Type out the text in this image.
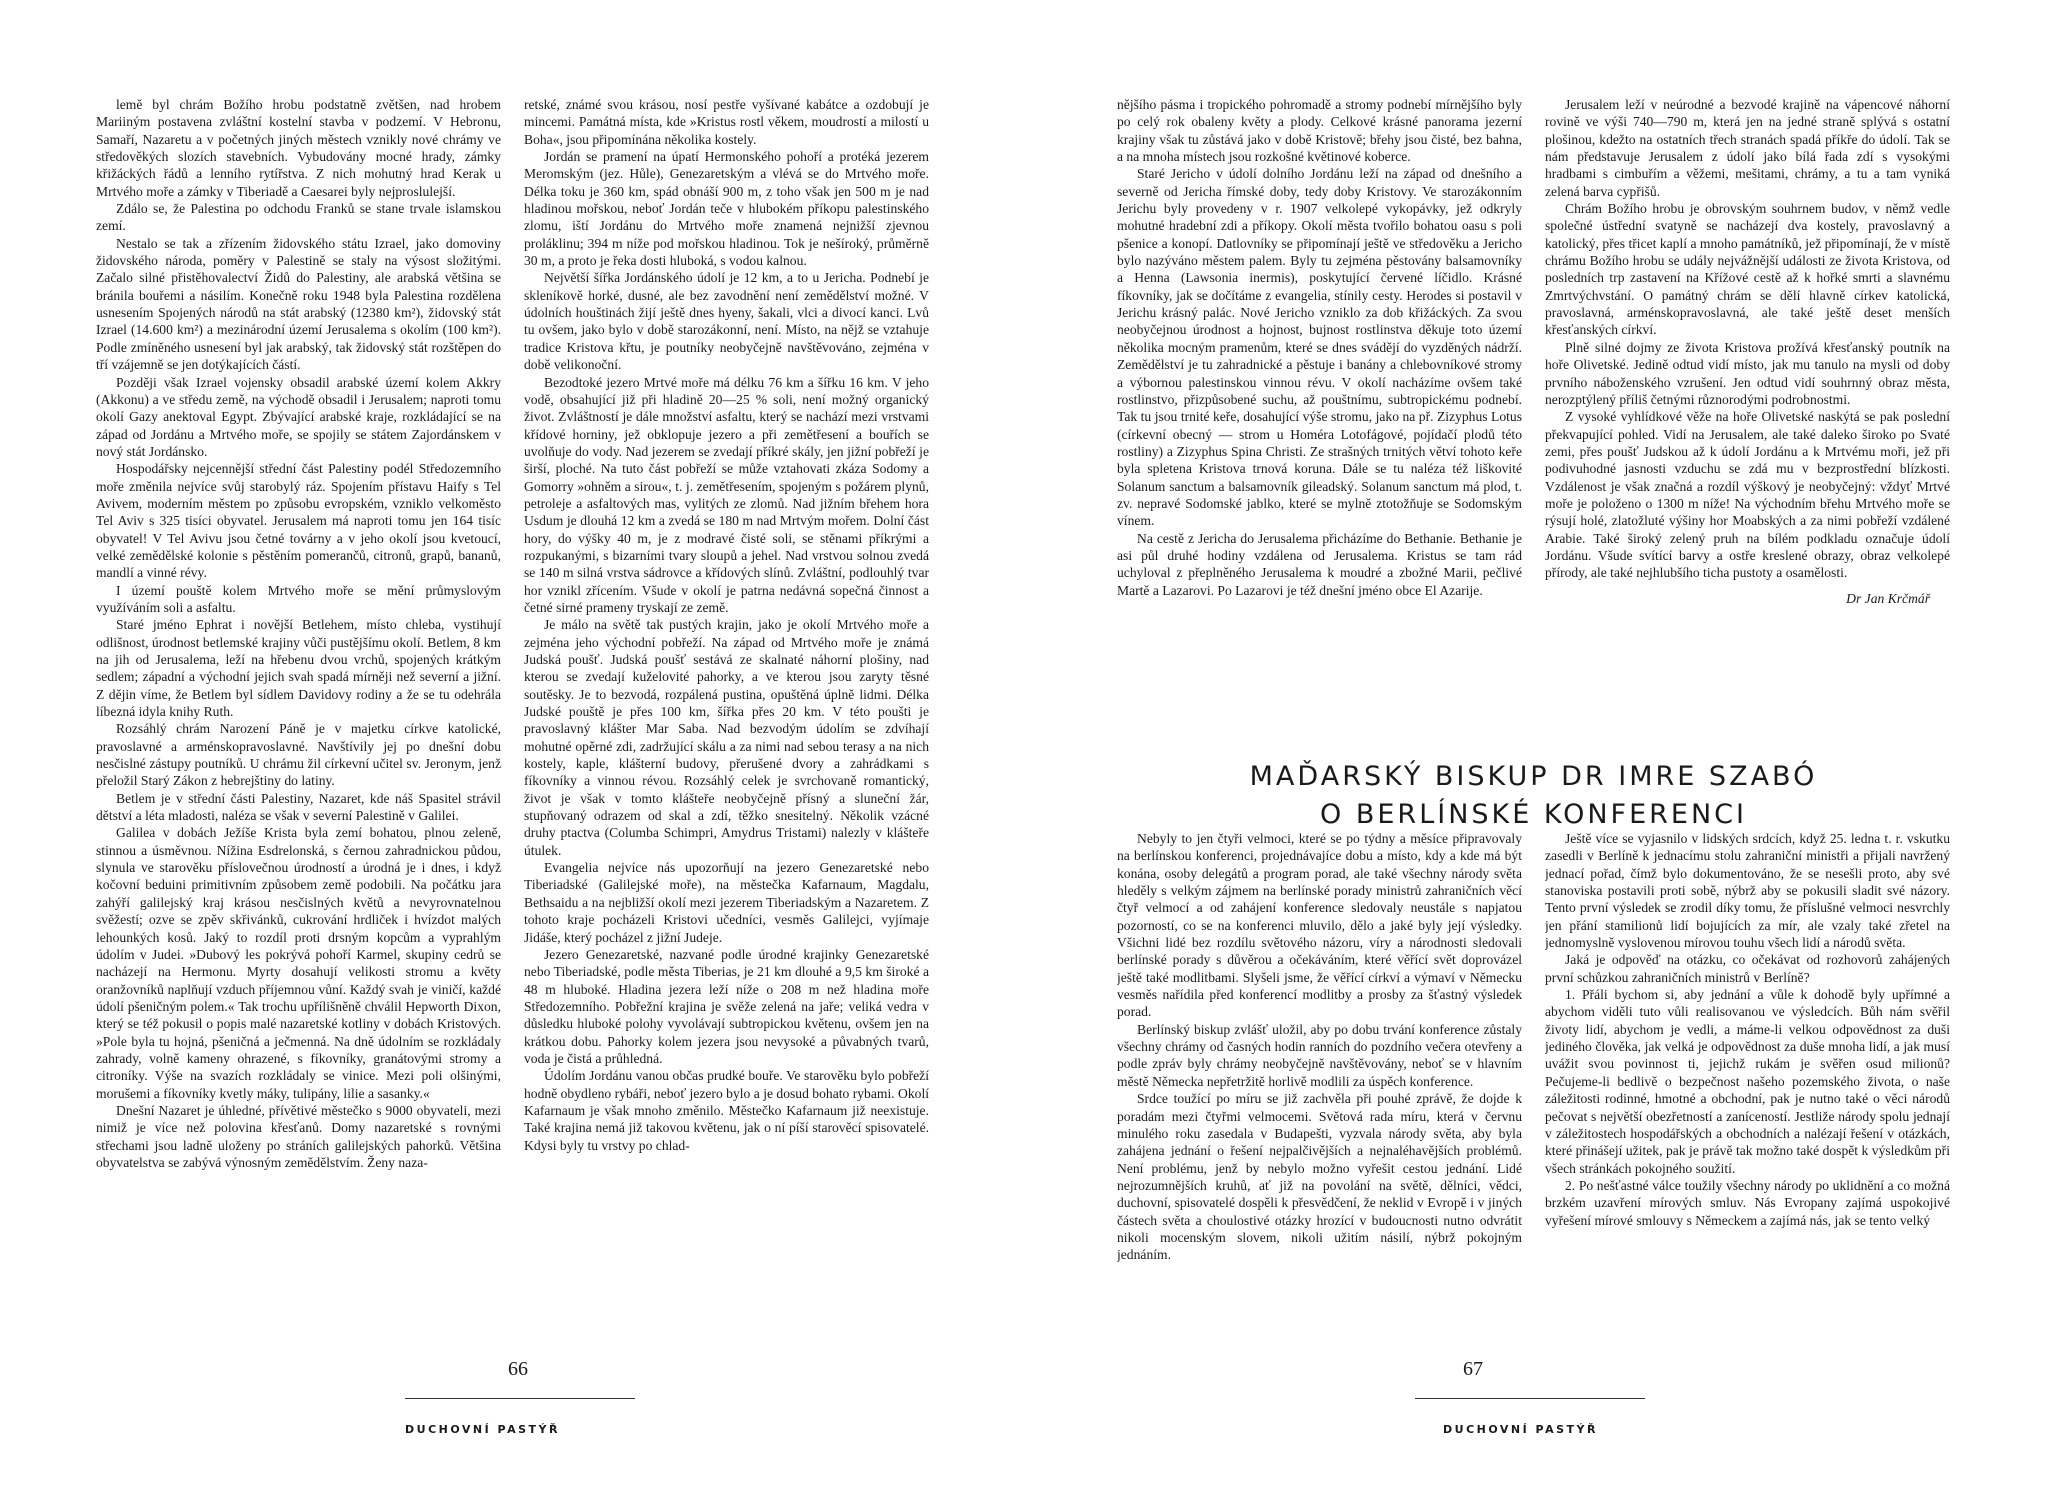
lemě byl chrám Božího hrobu podstatně zvětšen, nad hrobem Mariiným postavena zvláštní kostelní stavba v podzemí. V Hebronu, Samaří, Nazaretu a v početných jiných městech vznikly nové chrámy ve středověkých slozích stavebních. Vybudovány mocné hrady, zámky křižáckých řádů a lenního rytířstva. Z nich mohutný hrad Kerak u Mrtvého moře a zámky v Tiberiadě a Caesarei byly nejproslulejší.

Zdálo se, že Palestina po odchodu Franků se stane trvale islamskou zemí.

Nestalo se tak a zřízením židovského státu Izrael, jako domoviny židovského národa, poměry v Palestině se staly na výsost složitými. Začalo silné přistěhovalectví Židů do Palestiny, ale arabská většina se bránila bouřemi a násilím. Konečně roku 1948 byla Palestina rozdělena usnesením Spojených národů na stát arabský (12380 km²), židovský stát Izrael (14.600 km²) a mezinárodní území Jerusalema s okolím (100 km²). Podle zmíněného usnesení byl jak arabský, tak židovský stát rozštěpen do tří vzájemně se jen dotýkajících částí.

Později však Izrael vojensky obsadil arabské území kolem Akkry (Akkonu) a ve středu země, na východě obsadil i Jerusalem; naproti tomu okolí Gazy anektoval Egypt. Zbývající arabské kraje, rozkládající se na západ od Jordánu a Mrtvého moře, se spojily se státem Zajordánskem v nový stát Jordánsko.

Hospodářsky nejcennější střední část Palestiny podél Středozemního moře změnila nejvíce svůj starobylý ráz. Spojením přístavu Haify s Tel Avivem, moderním městem po způsobu evropském, vzniklo velkoměsto Tel Aviv s 325 tisíci obyvatel. Jerusalem má naproti tomu jen 164 tisíc obyvatel! V Tel Avivu jsou četné továrny a v jeho okolí jsou kvetoucí, velké zemědělské kolonie s pěstěním pomerančů, citronů, grapů, bananů, mandlí a vinné révy.

I území pouště kolem Mrtvého moře se mění průmyslovým využíváním soli a asfaltu.

Staré jméno Ephrat i novější Betlehem, místo chleba, vystihují odlišnost, úrodnost betlemské krajiny vůči pustějšímu okolí. Betlem, 8 km na jih od Jerusalema, leží na hřebenu dvou vrchů, spojených krátkým sedlem; západní a východní jejich svah spadá mírněji než severní a jižní. Z dějin víme, že Betlem byl sídlem Davidovy rodiny a že se tu odehrála líbezná idyla knihy Ruth.

Rozsáhlý chrám Narození Páně je v majetku církve katolické, pravoslavné a arménskopravoslavné. Navštívily jej po dnešní dobu nesčislné zástupy poutníků. U chrámu žil církevní učitel sv. Jeronym, jenž přeložil Starý Zákon z hebrejštiny do latiny.

Betlem je v střední části Palestiny, Nazaret, kde náš Spasitel strávil dětství a léta mladosti, naléza se však v severní Palestině v Galilei.

Galilea v dobách Ježíše Krista byla zemí bohatou, plnou zeleně, stinnou a úsměvnou. Nížina Esdrelonská, s černou zahradnickou půdou, slynula ve starověku příslovečnou úrodností a úrodná je i dnes, i když kočovní beduini primitivním způsobem země podobili. Na počátku jara zahýří galilejský kraj krásou nesčislných květů a nevyrovnatelnou svěžestí; ozve se zpěv skřivánků, cukrování hrdliček i hvízdot malých lehounkých kosů. Jaký to rozdíl proti drsným kopcům a vyprahlým údolím v Judei. »Dubový les pokrývá pohoří Karmel, skupiny cedrů se nacházejí na Hermonu. Myrty dosahují velikosti stromu a květy oranžovníků naplňují vzduch příjemnou vůní. Každý svah je viničí, každé údolí pšeničným polem.« Tak trochu upřílišněně chválil Hepworth Dixon, který se též pokusil o popis malé nazaretské kotliny v dobách Kristových. »Pole byla tu hojná, pšeničná a ječmenná. Na dně údolním se rozkládaly zahrady, volně kameny ohrazené, s fíkovníky, granátovými stromy a citroníky. Výše na svazích rozkládaly se vinice. Mezi poli olšinými, morušemi a fíkovníky kvetly máky, tulipány, lilie a sasanky.«

Dnešní Nazaret je úhledné, přívětivé městečko s 9000 obyvateli, mezi nimiž je více než polovina křesťanů. Domy nazaretské s rovnými střechami jsou ladně uloženy po stráních galilejských pahorků. Většina obyvatelstva se zabývá výnosným zemědělstvím. Ženy naza-

retské, známé svou krásou, nosí pestře vyšívané kabátce a ozdobují je mincemi. Památná místa, kde »Kristus rostl věkem, moudrostí a milostí u Boha«, jsou připomínána několika kostely.

Jordán se pramení na úpatí Hermonského pohoří a protéká jezerem Meromským (jez. Hůle), Genezaretským a vlévá se do Mrtvého moře. Délka toku je 360 km, spád obnáší 900 m, z toho však jen 500 m je nad hladinou mořskou, neboť Jordán teče v hlubokém příkopu palestinského zlomu, iští Jordánu do Mrtvého moře znamená nejnižší zjevnou proláklinu; 394 m níže pod mořskou hladinou. Tok je nešíroký, průměrně 30 m, a proto je řeka dosti hluboká, s vodou kalnou.

Největší šířka Jordánského údolí je 12 km, a to u Jericha. Podnebí je skleníkově horké, dusné, ale bez zavodnění není zemědělství možné. V údolních houštinách žijí ještě dnes hyeny, šakali, vlci a divocí kanci. Lvů tu ovšem, jako bylo v době starozákonní, není. Místo, na nějž se vztahuje tradice Kristova křtu, je poutníky neobyčejně navštěvováno, zejména v době velikonoční.

Bezodtoké jezero Mrtvé moře má délku 76 km a šířku 16 km. V jeho vodě, obsahující již při hladině 20—25 % soli, není možný organický život. Zvláštností je dále množství asfaltu, který se nachází mezi vrstvami křídové horniny, jež obklopuje jezero a při zemětřesení a bouřích se uvolňuje do vody. Nad jezerem se zvedají příkré skály, jen jižní pobřeží je širší, ploché. Na tuto část pobřeží se může vztahovati zkáza Sodomy a Gomorry »ohněm a sirou«, t. j. zemětřesením, spojeným s požárem plynů, petroleje a asfaltových mas, vylitých ze zlomů. Nad jižním břehem hora Usdum je dlouhá 12 km a zvedá se 180 m nad Mrtvým mořem. Dolní část hory, do výšky 40 m, je z modravé čisté soli, se stěnami příkrými a rozpukanými, s bizarními tvary sloupů a jehel. Nad vrstvou solnou zvedá se 140 m silná vrstva sádrovce a křídových slínů. Zvláštní, podlouhlý tvar hor vznikl zřícením. Všude v okolí je patrna nedávná sopečná činnost a četné sirné prameny tryskají ze země.

Je málo na světě tak pustých krajin, jako je okolí Mrtvého moře a zejména jeho východní pobřeží. Na západ od Mrtvého moře je známá Judská poušť. Judská poušť sestává ze skalnaté náhorní plošiny, nad kterou se zvedají kuželovité pahorky, a ve kterou jsou zaryty těsné soutěsky. Je to bezvodá, rozpálená pustina, opuštěná úplně lidmi. Délka Judské pouště je přes 100 km, šířka přes 20 km. V této poušti je pravoslavný klášter Mar Saba. Nad bezvodým údolím se zdvíhají mohutné opěrné zdi, zadržující skálu a za nimi nad sebou terasy a na nich kostely, kaple, klášterní budovy, přerušené dvory a zahrádkami s fíkovníky a vinnou révou. Rozsáhlý celek je svrchovaně romantický, život je však v tomto klášteře neobyčejně přísný a sluneční žár, stupňovaný odrazem od skal a zdí, těžko snesitelný. Několik vzácné druhy ptactva (Columba Schimpri, Amydrus Tristami) nalezly v klášteře útulek.

Evangelia nejvíce nás upozorňují na jezero Genezaretské nebo Tiberiadské (Galilejské moře), na městečka Kafarnaum, Magdalu, Bethsaidu a na nejbližší okolí mezi jezerem Tiberiadským a Nazaretem. Z tohoto kraje pocházeli Kristovi učedníci, vesměs Galilejci, vyjímaje Jidáše, který pocházel z jižní Judeje.

Jezero Genezaretské, nazvané podle úrodné krajinky Genezaretské nebo Tiberiadské, podle města Tiberias, je 21 km dlouhé a 9,5 km široké a 48 m hluboké. Hladina jezera leží níže o 208 m než hladina moře Středozemního. Pobřežní krajina je svěže zelená na jaře; veliká vedra v důsledku hluboké polohy vyvolávají subtropickou květenu, ovšem jen na krátkou dobu. Pahorky kolem jezera jsou nevysoké a půvabných tvarů, voda je čistá a průhledná.

Údolím Jordánu vanou občas prudké bouře. Ve starověku bylo pobřeží hodně obydleno rybáři, neboť jezero bylo a je dosud bohato rybami. Okolí Kafarnaum je však mnoho změnilo. Městečko Kafarnaum již neexistuje. Také krajina nemá již takovou květenu, jak o ní píší starověcí spisovatelé. Kdysi byly tu vrstvy po chlad-

66
DUCHOVNÍ PASTÝŘ

nějšího pásma i tropického pohromadě a stromy podnebí mírnějšího byly po celý rok obaleny květy a plody. Celkové krásné panorama jezerní krajiny však tu zůstává jako v době Kristově; břehy jsou čisté, bez bahna, a na mnoha místech jsou rozkošné květinové koberce.

Staré Jericho v údolí dolního Jordánu leží na západ od dnešního a severně od Jericha římské doby, tedy doby Kristovy. Ve starozákonním Jerichu byly provedeny v r. 1907 velkolepé vykopávky, jež odkryly mohutné hradební zdi a příkopy. Okolí města tvořilo bohatou oasu s poli pšenice a konopí. Datlovníky se připomínají ještě ve středověku a Jericho bylo nazýváno městem palem. Byly tu zejména pěstovány balsamovníky a Henna (Lawsonia inermis), poskytující červené líčidlo. Krásné fíkovníky, jak se dočítáme z evangelia, stínily cesty. Herodes si postavil v Jerichu krásný palác. Nové Jericho vzniklo za dob křižáckých. Za svou neobyčejnou úrodnost a hojnost, bujnost rostlinstva děkuje toto území několika mocným pramenům, které se dnes svádějí do vyzděných nádrží. Zemědělství je tu zahradnické a pěstuje i banány a chlebovníkové stromy a výbornou palestinskou vinnou révu. V okolí nacházíme ovšem také rostlinstvo, přizpůsobené suchu, až pouštnímu, subtropickému podnebí. Tak tu jsou trnité keře, dosahující výše stromu, jako na př. Zizyphus Lotus (církevní obecný — strom u Homéra Lotofágové, pojídačí plodů této rostliny) a Zizyphus Spina Christi. Ze strašných trnitých větví tohoto keře byla spletena Kristova trnová koruna. Dále se tu naléza též liškovité Solanum sanctum a balsamovník gileadský. Solanum sanctum má plod, t. zv. nepravé Sodomské jablko, které se mylně ztotožňuje se Sodomským vínem.

Na cestě z Jericha do Jerusalema přicházíme do Bethanie. Bethanie je asi půl druhé hodiny vzdálena od Jerusalema. Kristus se tam rád uchyloval z přeplněného Jerusalema k moudré a zbožné Marii, pečlivé Martě a Lazarovi. Po Lazarovi je též dnešní jméno obce El Azarije.

Jerusalem leží v neúrodné a bezvodé krajině na vápencové náhorní rovině ve výši 740—790 m, která jen na jedné straně splývá s ostatní plošinou, kdežto na ostatních třech stranách spadá příkře do údolí. Tak se nám představuje Jerusalem z údolí jako bílá řada zdí s vysokými hradbami s cimbuřím a věžemi, mešitami, chrámy, a tu a tam vyniká zelená barva cypřišů.

Chrám Božího hrobu je obrovským souhrnem budov, v němž vedle společné ústřední svatyně se nacházejí dva kostely, pravoslavný a katolický, přes třicet kaplí a mnoho památníků, jež připomínají, že v místě chrámu Božího hrobu se udály nejvážnější události ze života Kristova, od posledních trp zastavení na Křížové cestě až k hořké smrti a slavnému Zmrtvýchvstání. O památný chrám se dělí hlavně církev katolická, pravoslavná, arménskopravoslavná, ale také ještě deset menších křesťanských církví.

Plně silné dojmy ze života Kristova prožívá křesťanský poutník na hoře Olivetské. Jedině odtud vidí místo, jak mu tanulo na mysli od doby prvního náboženského vzrušení. Jen odtud vidí souhrnný obraz města, nerozptýlený příliš četnými různorodými podrobnostmi.

Z vysoké vyhlídkové věže na hoře Olivetské naskýtá se pak poslední překvapující pohled. Vidí na Jerusalem, ale také daleko široko po Svaté zemi, přes poušť Judskou až k údolí Jordánu a k Mrtvému moři, jež při podivuhodné jasnosti vzduchu se zdá mu v bezprostřední blízkosti. Vzdálenost je však značná a rozdíl výškový je neobyčejný: vždyť Mrtvé moře je položeno o 1300 m níže! Na východním břehu Mrtvého moře se rýsují holé, zlatožluté výšiny hor Moabských a za nimi pobřeží vzdálené Arabie. Také široký zelený pruh na bílém podkladu označuje údolí Jordánu. Všude svítící barvy a ostře kreslené obrazy, obraz velkolepé přírody, ale také nejhlubšího ticha pustoty a osamělosti.

Dr Jan Krčmář
MAĎARSKÝ BISKUP DR IMRE SZABÓ
O BERLÍNSKÉ KONFERENCI

Nebyly to jen čtyři velmoci, které se po týdny a měsíce připravovaly na berlínskou konferenci, projednávajíce dobu a místo, kdy a kde má být konána, osoby delegátů a program porad, ale také všechny národy světa hleděly s velkým zájmem na berlínské porady ministrů zahraničních věcí čtyř velmocí a od zahájení konference sledovaly neustále s napjatou pozorností, co se na konferenci mluvilo, dělo a jaké byly její výsledky. Všichni lidé bez rozdílu světového názoru, víry a národnosti sledovali berlínské porady s důvěrou a očekáváním, které věřící svět doprovázel ještě také modlitbami. Slyšeli jsme, že věřící církví a výmaví v Německu vesměs nařídila před konferencí modlitby a prosby za šťastný výsledek porad.

Berlínský biskup zvlášť uložil, aby po dobu trvání konference zůstaly všechny chrámy od časných hodin ranních do pozdního večera otevřeny a podle zpráv byly chrámy neobyčejně navštěvovány, neboť se v hlavním městě Německa nepřetržitě horlivě modlili za úspěch konference.

Srdce toužící po míru se již zachvěla při pouhé zprávě, že dojde k poradám mezi čtyřmi velmocemi. Světová rada míru, která v červnu minulého roku zasedala v Budapešti, vyzvala národy světa, aby byla zahájena jednání o řešení nejpalčivějších a nejnaléhavějších problémů. Není problému, jenž by nebylo možno vyřešit cestou jednání. Lidé nejrozumnějších kruhů, ať již na povolání na světě, dělníci, vědci, duchovní, spisovatelé dospěli k přesvědčení, že neklid v Evropě i v jiných částech světa a choulostivé otázky hrozící v budoucnosti nutno odvrátit nikoli mocenským slovem, nikoli užitím násilí, nýbrž pokojným jednáním.

Ještě více se vyjasnilo v lidských srdcích, když 25. ledna t. r. vskutku zasedli v Berlíně k jednacímu stolu zahraniční ministři a přijali navržený jednací pořad, čímž bylo dokumentováno, že se nesešli proto, aby své stanoviska postavili proti sobě, nýbrž aby se pokusili sladit své názory. Tento první výsledek se zrodil díky tomu, že příslušné velmoci nesvrchly jen přání stamilionů lidí bojujících za mír, ale vzaly také zřetel na jednomyslně vyslovenou mírovou touhu všech lidí a národů světa.

Jaká je odpověď na otázku, co očekávat od rozhovorů zahájených první schůzkou zahraničních ministrů v Berlíně?

1. Přáli bychom si, aby jednání a vůle k dohodě byly upřímné a abychom viděli tuto vůli realisovanou ve výsledcích. Bůh nám svěřil životy lidí, abychom je vedli, a máme-li velkou odpovědnost za duši jediného člověka, jak velká je odpovědnost za duše mnoha lidí, a jak musí uvážit svou povinnost ti, jejichž rukám je svěřen osud milionů? Pečujeme-li bedlivě o bezpečnost našeho pozemského života, o naše záležitosti rodinné, hmotné a obchodní, pak je nutno také o věci národů pečovat s největší obezřetností a zaníceností. Jestliže národy spolu jednají v záležitostech hospodářských a obchodních a nalézají řešení v otázkách, které přinášejí užitek, pak je právě tak možno také dospět k výsledkům při všech stránkách pokojného soužití.

2. Po nešťastné válce toužily všechny národy po uklidnění a co možná brzkém uzavření mírových smluv. Nás Evropany zajímá uspokojivé vyřešení mírové smlouvy s Německem a zajímá nás, jak se tento velký

67
DUCHOVNÍ PASTÝŘ
